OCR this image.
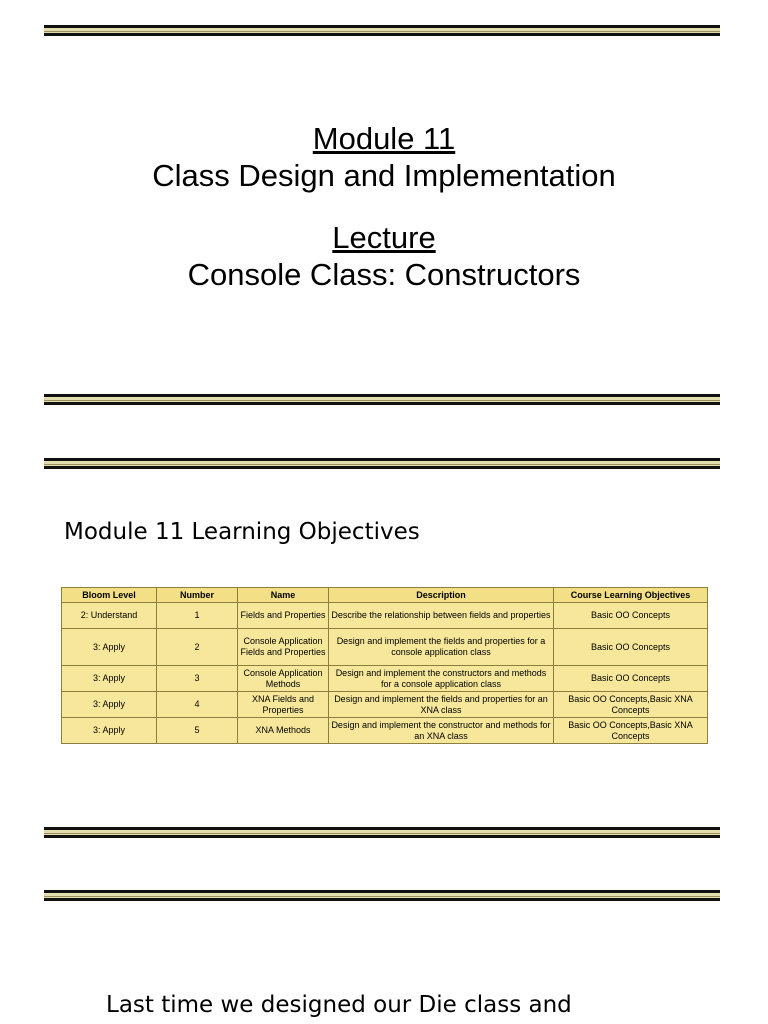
Module 11
Class Design and Implementation
Lecture
Console Class: Constructors
Module 11 Learning Objectives
Bloom Level	Number	Name	Description	Course Learning Objectives
2: Understand	1	Fields and Properties	Describe the relationship between fields and properties	Basic OO Concepts
3: Apply	2	Console Application Fields and Properties	Design and implement the fields and properties for a console application class	Basic OO Concepts
3: Apply	3	Console Application Methods	Design and implement the constructors and methods for a console application class	Basic OO Concepts
3: Apply	4	XNA Fields and Properties	Design and implement the fields and properties for an XNA class	Basic OO Concepts,Basic XNA Concepts
3: Apply	5	XNA Methods	Design and implement the constructor and methods for an XNA class	Basic OO Concepts,Basic XNA Concepts
Last time we designed our Die class and
